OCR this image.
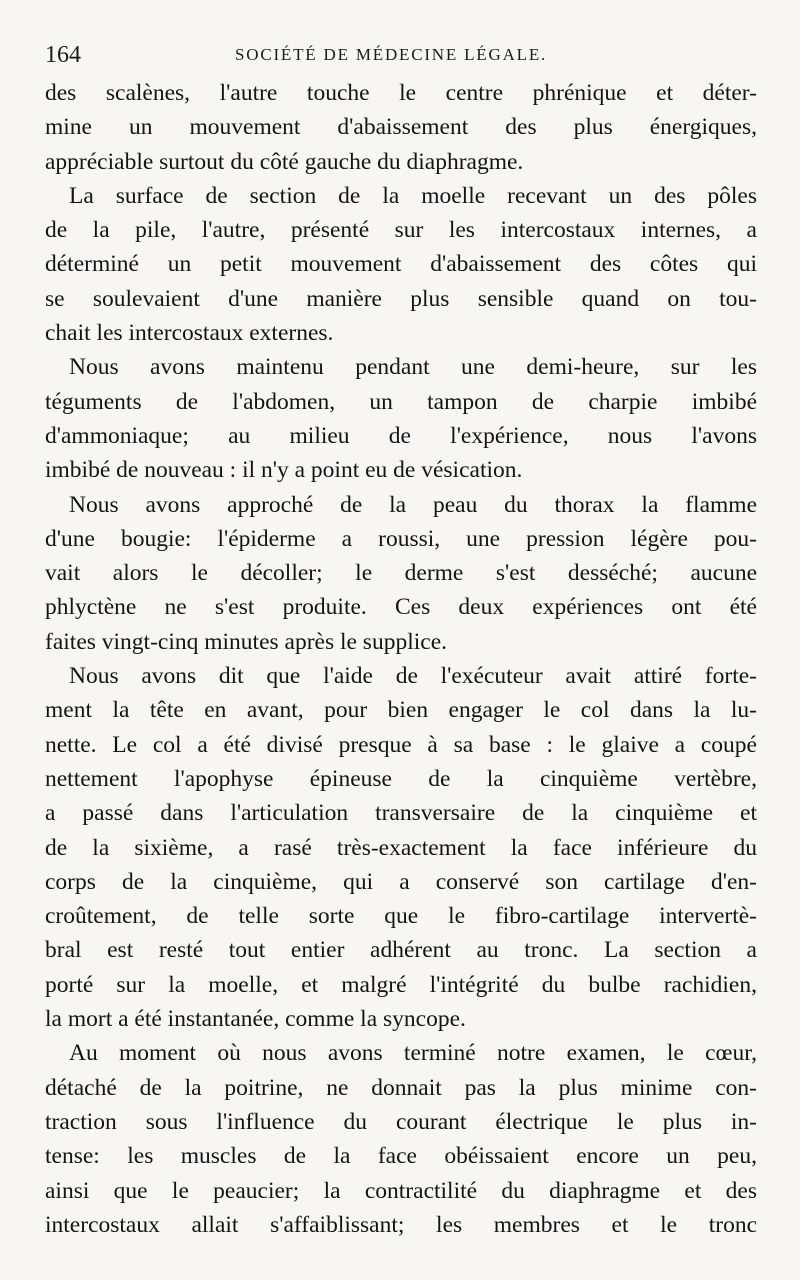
164	SOCIÉTÉ DE MÉDECINE LÉGALE.
des scalènes, l'autre touche le centre phrénique et déter-
mine un mouvement d'abaissement des plus énergiques,
appréciable surtout du côté gauche du diaphragme.
La surface de section de la moelle recevant un des pôles
de la pile, l'autre, présenté sur les intercostaux internes, a
déterminé un petit mouvement d'abaissement des côtes qui
se soulevaient d'une manière plus sensible quand on tou-
chait les intercostaux externes.
Nous avons maintenu pendant une demi-heure, sur les
téguments de l'abdomen, un tampon de charpie imbibé
d'ammoniaque; au milieu de l'expérience, nous l'avons
imbibé de nouveau : il n'y a point eu de vésication.
Nous avons approché de la peau du thorax la flamme
d'une bougie: l'épiderme a roussi, une pression légère pou-
vait alors le décoller; le derme s'est desséché; aucune
phlyctène ne s'est produite. Ces deux expériences ont été
faites vingt-cinq minutes après le supplice.
Nous avons dit que l'aide de l'exécuteur avait attiré forte-
ment la tête en avant, pour bien engager le col dans la lu-
nette. Le col a été divisé presque à sa base : le glaive a coupé
nettement l'apophyse épineuse de la cinquième vertèbre,
a passé dans l'articulation transversaire de la cinquième et
de la sixième, a rasé très-exactement la face inférieure du
corps de la cinquième, qui a conservé son cartilage d'en-
croûtement, de telle sorte que le fibro-cartilage intervertè-
bral est resté tout entier adhérent au tronc. La section a
porté sur la moelle, et malgré l'intégrité du bulbe rachidien,
la mort a été instantanée, comme la syncope.
Au moment où nous avons terminé notre examen, le cœur,
détaché de la poitrine, ne donnait pas la plus minime con-
traction sous l'influence du courant électrique le plus in-
tense: les muscles de la face obéissaient encore un peu,
ainsi que le peaucier; la contractilité du diaphragme et des
intercostaux allait s'affaiblissant; les membres et le tronc
